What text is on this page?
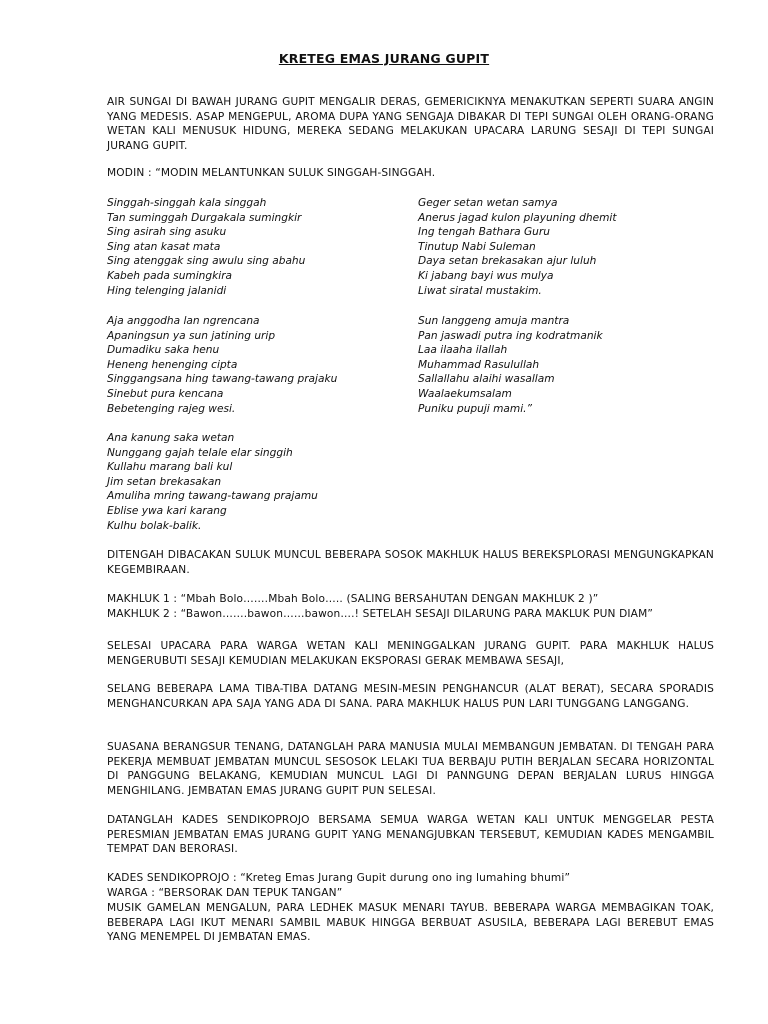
KRETEG EMAS JURANG GUPIT

AIR SUNGAI DI BAWAH JURANG GUPIT MENGALIR DERAS, GEMERICIKNYA MENAKUTKAN SEPERTI SUARA ANGIN YANG MEDESIS. ASAP MENGEPUL, AROMA DUPA YANG SENGAJA DIBAKAR DI TEPI SUNGAI OLEH ORANG-ORANG WETAN KALI MENUSUK HIDUNG, MEREKA SEDANG MELAKUKAN UPACARA LARUNG SESAJI DI TEPI SUNGAI JURANG GUPIT.

MODIN : “MODIN MELANTUNKAN SULUK SINGGAH-SINGGAH.

Singgah-singgah kala singgah
Tan suminggah Durgakala sumingkir
Sing asirah sing asuku
Sing atan kasat mata
Sing atenggak sing awulu sing abahu
Kabeh pada sumingkira
Hing telenging jalanidi
Geger setan wetan samya
Anerus jagad kulon playuning dhemit
Ing tengah Bathara Guru
Tinutup Nabi Suleman
Daya setan brekasakan ajur luluh
Ki jabang bayi wus mulya
Liwat siratal mustakim.
Aja anggodha lan ngrencana
Apaningsun ya sun jatining urip
Dumadiku saka henu
Heneng henenging cipta
Singgangsana hing tawang-tawang prajaku
Sinebut pura kencana
Bebetenging rajeg wesi.
Sun langgeng amuja mantra
Pan jaswadi putra ing kodratmanik
Laa ilaaha ilallah
Muhammad Rasulullah
Sallallahu alaihi wasallam
Waalaekumsalam
Puniku pupuji mami.”
Ana kanung saka wetan
Nunggang gajah telale elar singgih
Kullahu marang bali kul
Jim setan brekasakan
Amuliha mring tawang-tawang prajamu
Eblise ywa kari karang
Kulhu bolak-balik.

DITENGAH DIBACAKAN SULUK MUNCUL BEBERAPA SOSOK MAKHLUK HALUS BEREKSPLORASI MENGUNGKAPKAN KEGEMBIRAAN.

MAKHLUK 1 : “Mbah Bolo…….Mbah Bolo….. (SALING BERSAHUTAN DENGAN MAKHLUK 2 )”

MAKHLUK 2 : “Bawon…….bawon……bawon….! SETELAH SESAJI DILARUNG PARA MAKLUK PUN DIAM”

SELESAI UPACARA PARA WARGA WETAN KALI MENINGGALKAN JURANG GUPIT. PARA MAKHLUK HALUS MENGERUBUTI SESAJI KEMUDIAN MELAKUKAN EKSPORASI GERAK MEMBAWA SESAJI,

SELANG BEBERAPA LAMA TIBA-TIBA DATANG MESIN-MESIN PENGHANCUR (ALAT BERAT), SECARA SPORADIS MENGHANCURKAN APA SAJA YANG ADA DI SANA. PARA MAKHLUK HALUS PUN LARI TUNGGANG LANGGANG.

SUASANA BERANGSUR TENANG, DATANGLAH PARA MANUSIA MULAI MEMBANGUN JEMBATAN. DI TENGAH PARA PEKERJA MEMBUAT JEMBATAN MUNCUL SESOSOK LELAKI TUA BERBAJU PUTIH BERJALAN SECARA HORIZONTAL DI PANGGUNG BELAKANG, KEMUDIAN MUNCUL LAGI DI PANNGUNG DEPAN BERJALAN LURUS HINGGA MENGHILANG. JEMBATAN EMAS JURANG GUPIT PUN SELESAI.

DATANGLAH KADES SENDIKOPROJO BERSAMA SEMUA WARGA WETAN KALI UNTUK MENGGELAR PESTA PERESMIAN JEMBATAN EMAS JURANG GUPIT YANG MENANGJUBKAN TERSEBUT, KEMUDIAN KADES MENGAMBIL TEMPAT DAN BERORASI.

KADES SENDIKOPROJO : “Kreteg Emas Jurang Gupit durung ono ing lumahing bhumi”

WARGA : “BERSORAK DAN TEPUK TANGAN”

MUSIK GAMELAN MENGALUN, PARA LEDHEK MASUK MENARI TAYUB. BEBERAPA WARGA MEMBAGIKAN TOAK, BEBERAPA LAGI IKUT MENARI SAMBIL MABUK HINGGA BERBUAT ASUSILA, BEBERAPA LAGI BEREBUT EMAS YANG MENEMPEL DI JEMBATAN EMAS.
